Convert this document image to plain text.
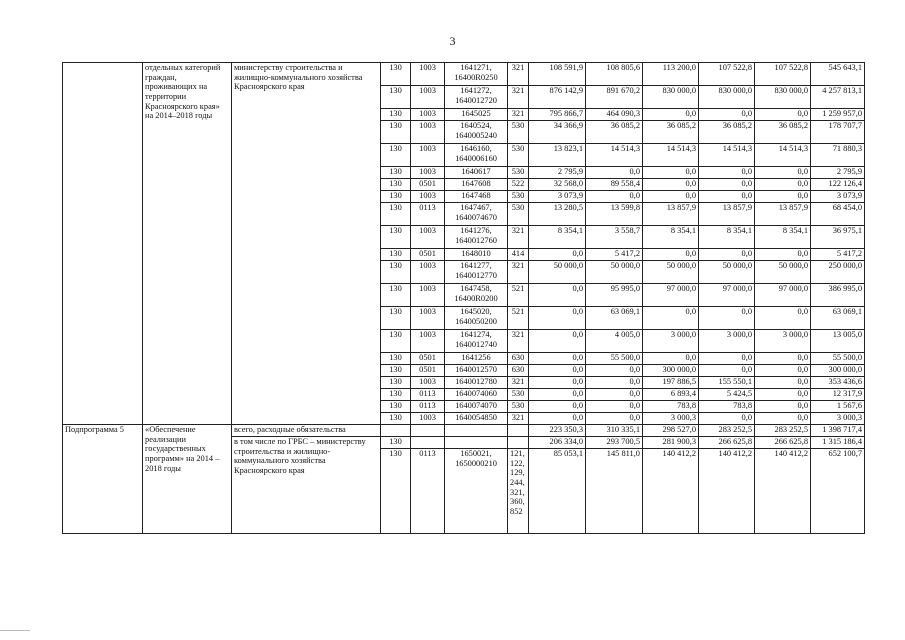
3
	отдельных категорий граждан, проживающих на территории Красноярского края» на 2014–2018 годы	министерству строительства и жилищно-коммунального хозяйства Красноярского края	130	1003	1641271, 16400R0250	321	108 591,9	108 805,6	113 200,0	107 522,8	107 522,8	545 643,1
			130	1003	1641272, 1640012720	321	876 142,9	891 670,2	830 000,0	830 000,0	830 000,0	4 257 813,1
			130	1003	1645025	321	795 866,7	464 090,3	0,0	0,0	0,0	1 259 957,0
			130	1003	1640524, 1640005240	530	34 366,9	36 085,2	36 085,2	36 085,2	36 085,2	178 707,7
			130	1003	1646160, 1640006160	530	13 823,1	14 514,3	14 514,3	14 514,3	14 514,3	71 880,3
			130	1003	1640617	530	2 795,9	0,0	0,0	0,0	0,0	2 795,9
			130	0501	1647608	522	32 568,0	89 558,4	0,0	0,0	0,0	122 126,4
			130	1003	1647468	530	3 073,9	0,0	0,0	0,0	0,0	3 073,9
			130	0113	1647467, 1640074670	530	13 280,5	13 599,8	13 857,9	13 857,9	13 857,9	68 454,0
			130	1003	1641276, 1640012760	321	8 354,1	3 558,7	8 354,1	8 354,1	8 354,1	36 975,1
			130	0501	1648010	414	0,0	5 417,2	0,0	0,0	0,0	5 417,2
			130	1003	1641277, 1640012770	321	50 000,0	50 000,0	50 000,0	50 000,0	50 000,0	250 000,0
			130	1003	1647458, 16400R0200	521	0,0	95 995,0	97 000,0	97 000,0	97 000,0	386 995,0
			130	1003	1645020, 1640050200	521	0,0	63 069,1	0,0	0,0	0,0	63 069,1
			130	1003	1641274, 1640012740	321	0,0	4 005,0	3 000,0	3 000,0	3 000,0	13 005,0
			130	0501	1641256	630	0,0	55 500,0	0,0	0,0	0,0	55 500,0
			130	0501	1640012570	630	0,0	0,0	300 000,0	0,0	0,0	300 000,0
			130	1003	1640012780	321	0,0	0,0	197 886,5	155 550,1	0,0	353 436,6
			130	0113	1640074060	530	0,0	0,0	6 893,4	5 424,5	0,0	12 317,9
			130	0113	1640074070	530	0,0	0,0	783,8	783,8	0,0	1 567,6
			130	1003	1640054850	321	0,0	0,0	3 000,3	0,0	0,0	3 000,3
Подпрограмма 5	«Обеспечение реализации государственных программ» на 2014 – 2018 годы	всего, расходные обязательства					223 350,3	310 335,1	298 527,0	283 252,5	283 252,5	1 398 717,4
		в том числе по ГРБС – министерству строительства и жилищно-коммунального хозяйства Красноярского края	130				206 334,0	293 700,5	281 900,3	266 625,8	266 625,8	1 315 186,4
			130	0113	1650021, 1650000210	121, 122, 129, 244, 321, 360, 852	85 053,1	145 811,0	140 412,2	140 412,2	140 412,2	652 100,7
